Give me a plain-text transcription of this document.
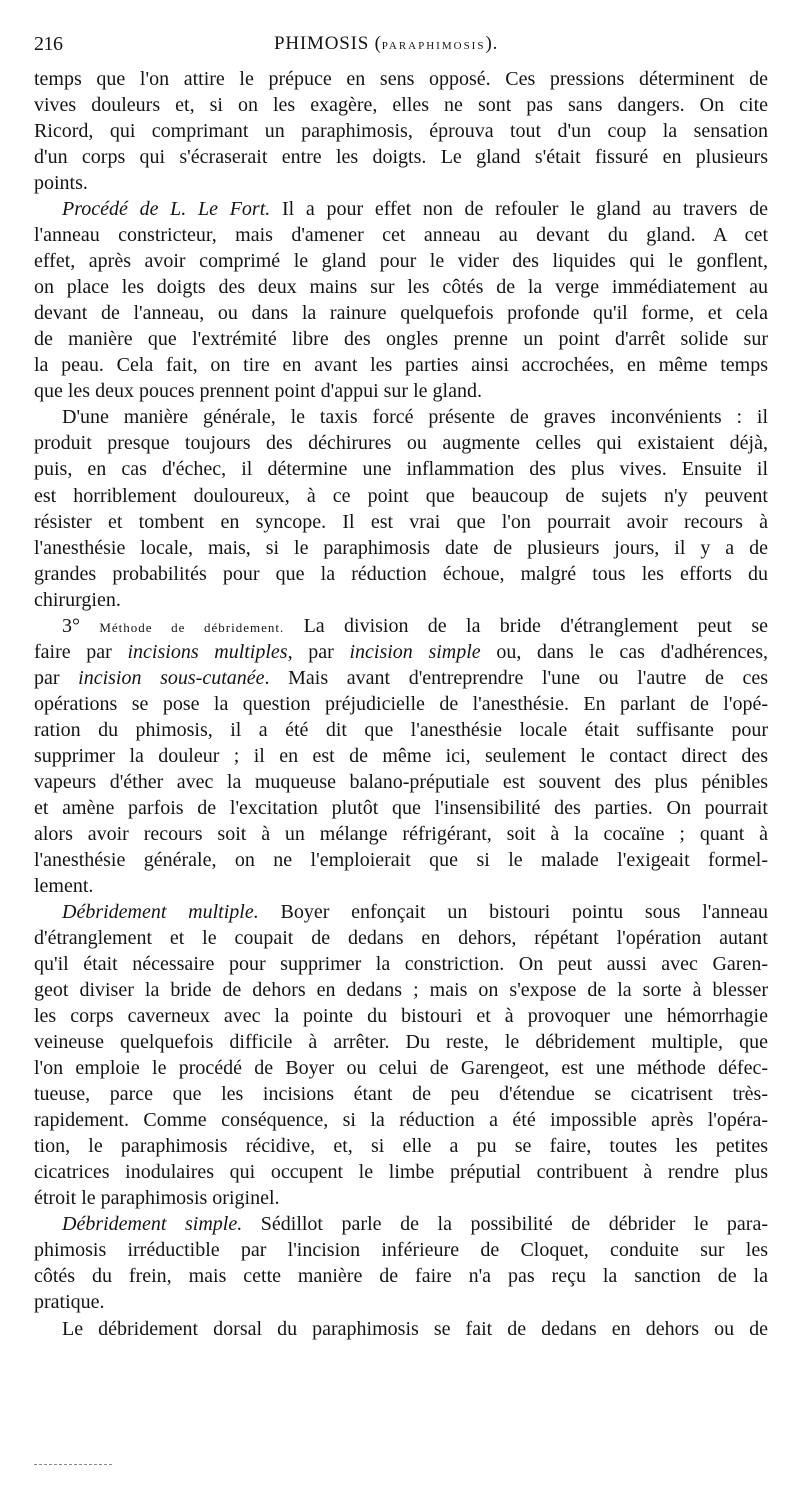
216	PHIMOSIS (PARAPHIMOSIS).
temps que l'on attire le prépuce en sens opposé. Ces pressions déterminent de
vives douleurs et, si on les exagère, elles ne sont pas sans dangers. On cite
Ricord, qui comprimant un paraphimosis, éprouva tout d'un coup la sensation
d'un corps qui s'écraserait entre les doigts. Le gland s'était fissuré en plusieurs
points.
Procédé de L. Le Fort. Il a pour effet non de refouler le gland au travers de
l'anneau constricteur, mais d'amener cet anneau au devant du gland. A cet
effet, après avoir comprimé le gland pour le vider des liquides qui le gonflent,
on place les doigts des deux mains sur les côtés de la verge immédiatement au
devant de l'anneau, ou dans la rainure quelquefois profonde qu'il forme, et cela
de manière que l'extrémité libre des ongles prenne un point d'arrêt solide sur
la peau. Cela fait, on tire en avant les parties ainsi accrochées, en même temps
que les deux pouces prennent point d'appui sur le gland.
D'une manière générale, le taxis forcé présente de graves inconvénients : il
produit presque toujours des déchirures ou augmente celles qui existaient déjà,
puis, en cas d'échec, il détermine une inflammation des plus vives. Ensuite il
est horriblement douloureux, à ce point que beaucoup de sujets n'y peuvent
résister et tombent en syncope. Il est vrai que l'on pourrait avoir recours à
l'anesthésie locale, mais, si le paraphimosis date de plusieurs jours, il y a de
grandes probabilités pour que la réduction échoue, malgré tous les efforts du
chirurgien.
3° Méthode de débridement. La division de la bride d'étranglement peut se
faire par incisions multiples, par incision simple ou, dans le cas d'adhérences,
par incision sous-cutanée. Mais avant d'entreprendre l'une ou l'autre de ces
opérations se pose la question préjudicielle de l'anesthésie. En parlant de l'opé-
ration du phimosis, il a été dit que l'anesthésie locale était suffisante pour
supprimer la douleur ; il en est de même ici, seulement le contact direct des
vapeurs d'éther avec la muqueuse balano-préputiale est souvent des plus pénibles
et amène parfois de l'excitation plutôt que l'insensibilité des parties. On pourrait
alors avoir recours soit à un mélange réfrigérant, soit à la cocaïne ; quant à
l'anesthésie générale, on ne l'emploierait que si le malade l'exigeait formel-
lement.
Débridement multiple. Boyer enfonçait un bistouri pointu sous l'anneau
d'étranglement et le coupait de dedans en dehors, répétant l'opération autant
qu'il était nécessaire pour supprimer la constriction. On peut aussi avec Garen-
geot diviser la bride de dehors en dedans ; mais on s'expose de la sorte à blesser
les corps caverneux avec la pointe du bistouri et à provoquer une hémorrhagie
veineuse quelquefois difficile à arrêter. Du reste, le débridement multiple, que
l'on emploie le procédé de Boyer ou celui de Garengeot, est une méthode défec-
tueuse, parce que les incisions étant de peu d'étendue se cicatrisent très-
rapidement. Comme conséquence, si la réduction a été impossible après l'opéra-
tion, le paraphimosis récidive, et, si elle a pu se faire, toutes les petites
cicatrices inodulaires qui occupent le limbe préputial contribuent à rendre plus
étroit le paraphimosis originel.
Débridement simple. Sédillot parle de la possibilité de débrider le para-
phimosis irréductible par l'incision inférieure de Cloquet, conduite sur les
côtés du frein, mais cette manière de faire n'a pas reçu la sanction de la
pratique.
Le débridement dorsal du paraphimosis se fait de dedans en dehors ou de
